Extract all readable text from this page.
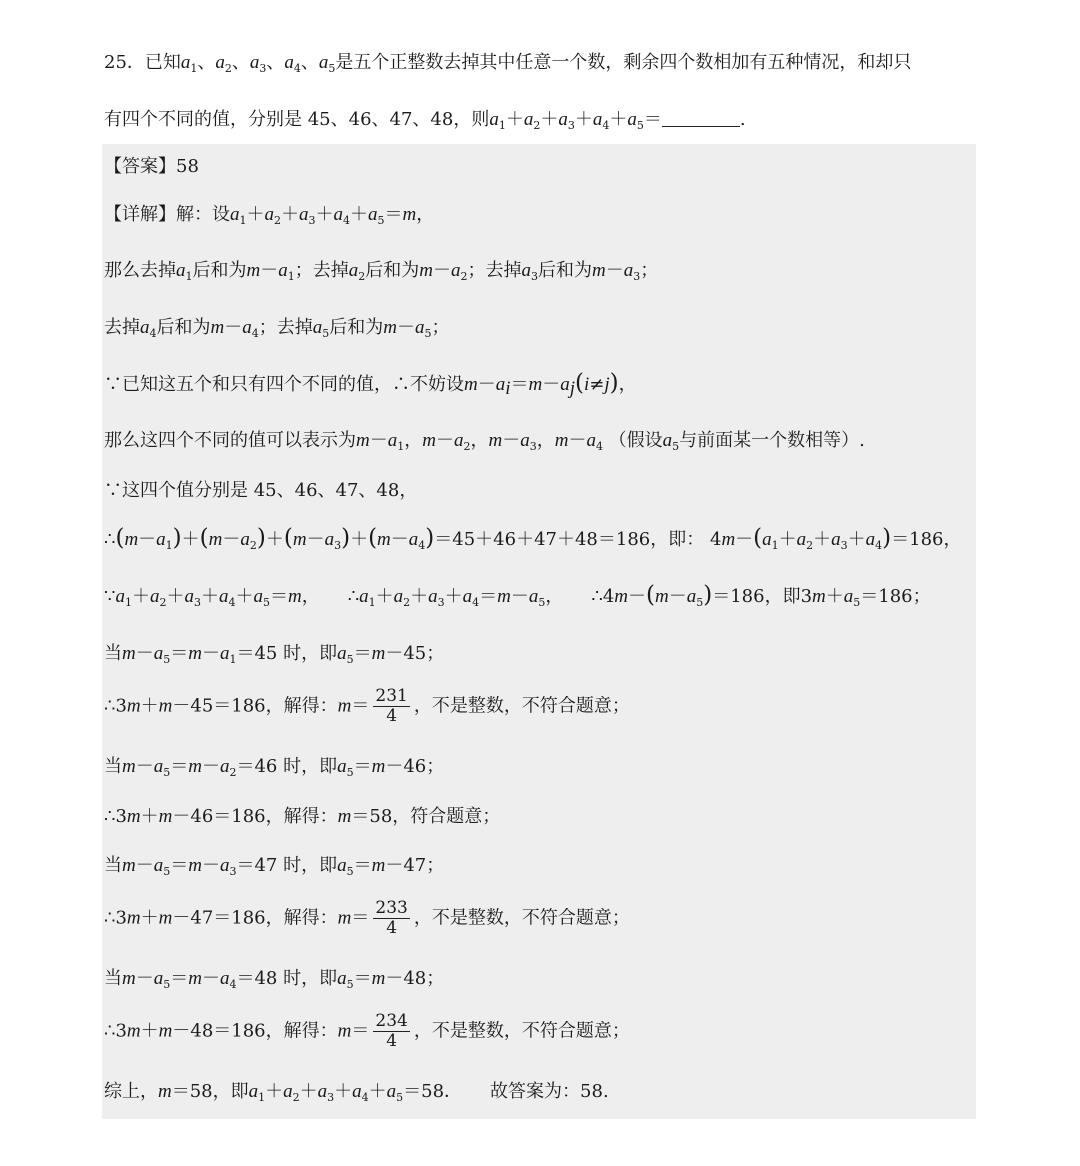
25．已知$a_1$、$a_2$、$a_3$、$a_4$、$a_5$是五个正整数去掉其中任意一个数，剩余四个数相加有五种情况，和却只
有四个不同的值，分别是 45、46、47、48，则$a_1+a_2+a_3+a_4+a_5=$	.
【答案】58
【详解】解：设$a_1+a_2+a_3+a_4+a_5=m$，
那么去掉$a_1$后和为$m-a_1$；去掉$a_2$后和为$m-a_2$；去掉$a_3$后和为$m-a_3$；
去掉$a_4$后和为$m-a_4$；去掉$a_5$后和为$m-a_5$；
∵已知这五个和只有四个不同的值，∴不妨设$m-a_i=m-a_j(i\ne j)$，
那么这四个不同的值可以表示为$m-a_1$，$m-a_2$，$m-a_3$，$m-a_4$ （假设$a_5$与前面某一个数相等）.
∵这四个值分别是 45、46、47、48，
$\therefore(m-a_1)+(m-a_2)+(m-a_3)+(m-a_4)=45+46+47+48=186$，即： $4m-(a_1+a_2+a_3+a_4)=186$，
$\because a_1+a_2+a_3+a_4+a_5=m$， $\therefore a_1+a_2+a_3+a_4=m-a_5$， $\therefore 4m-(m-a_5)=186$，即$3m+a_5=186$；
当$m-a_5=m-a_1=45$ 时，即$a_5=m-45$；
∴3m＋m－45＝186，解得：$m= \frac{231}{4}$ ，不是整数，不符合题意；
当$m-a_5=m-a_2=46$ 时，即$a_5=m-46$；
∴3m＋m－46＝186，解得：m＝58，符合题意；
当$m-a_5=m-a_3=47$ 时，即$a_5=m-47$；
∴3m＋m－47＝186，解得：$m= \frac{233}{4}$ ，不是整数，不符合题意；
当$m-a_5=m-a_4=48$ 时，即$a_5=m-48$；
∴3m＋m－48＝186，解得：$m= \frac{234}{4}$ ，不是整数，不符合题意；
综上，m＝58，即$a_1+a_2+a_3+a_4+a_5=58$． 故答案为：58.
